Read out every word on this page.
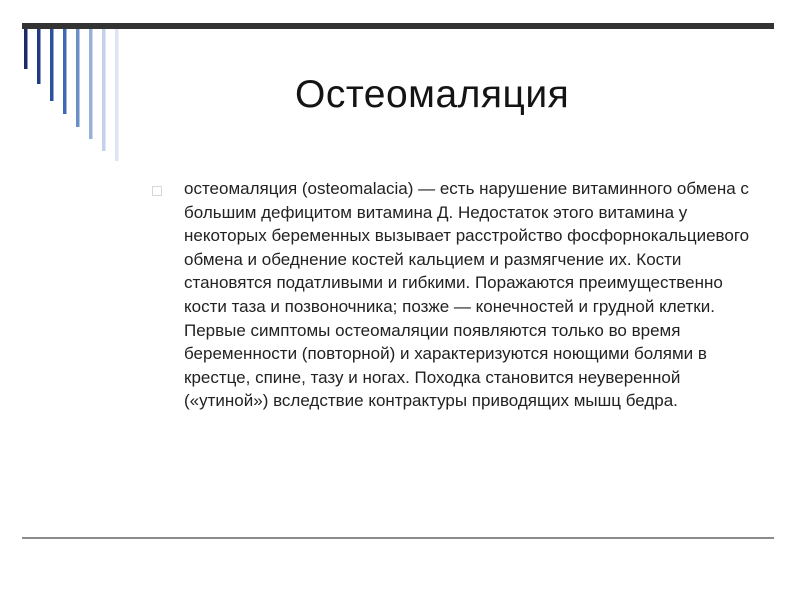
Остеомаляция

остеомаляция (osteomalacia) — есть нарушение витаминного обмена с большим дефицитом витамина Д. Недостаток этого витамина у некоторых беременных вызывает расстройство фосфорнокальциевого обмена и обеднение костей кальцием и размягчение их. Кости становятся податливыми и гибкими. Поражаются преимущественно кости таза и позвоночника; позже — конечностей и грудной клетки.

Первые симптомы остеомаляции появляются только во время беременности (повторной) и характеризуются ноющими болями в крестце, спине, тазу и ногах. Походка становится неуверенной («утиной») вследствие контрактуры приводящих мышц бедра.
